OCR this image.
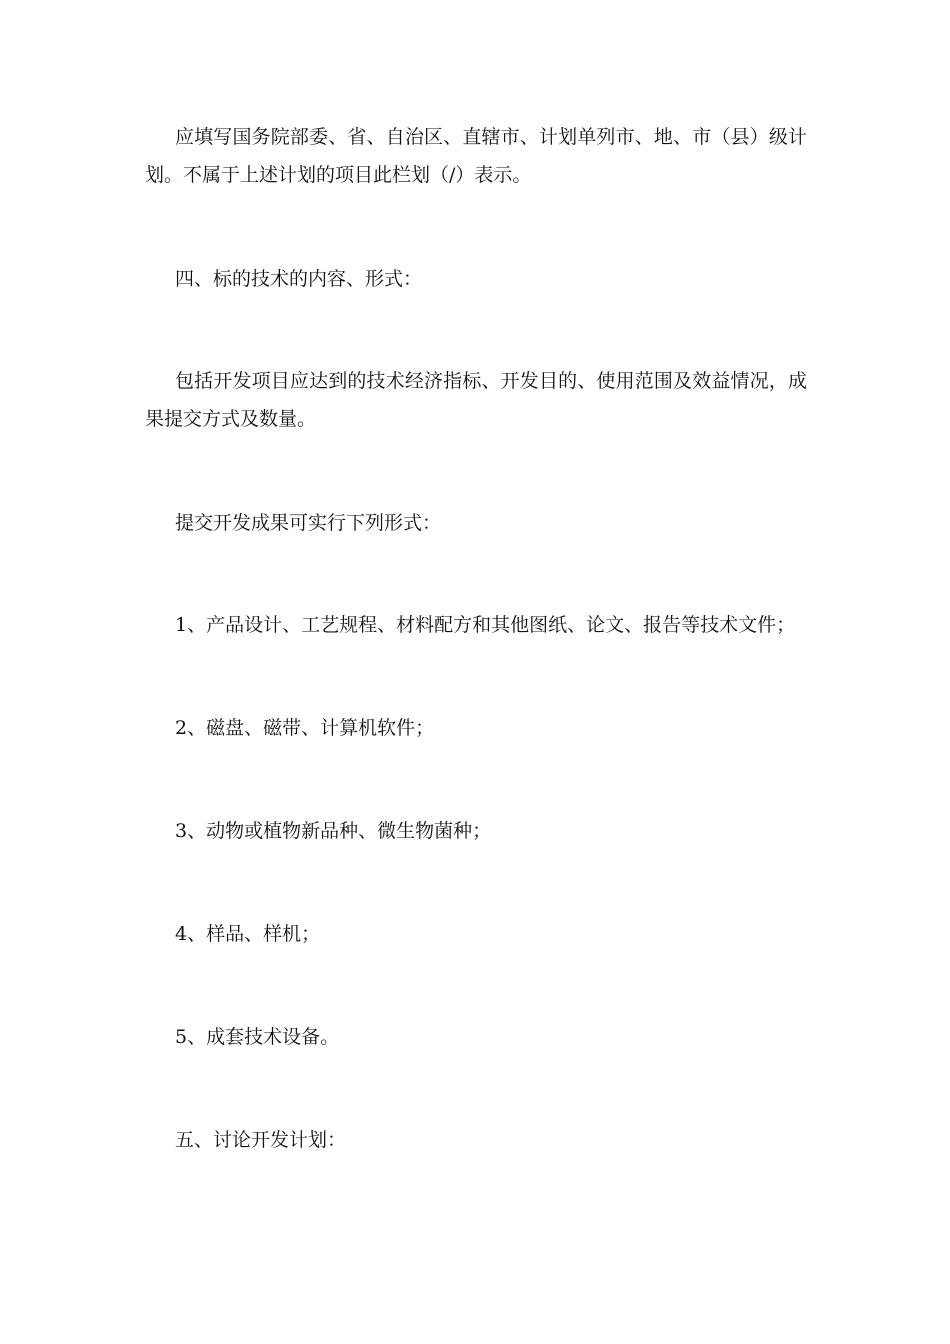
应填写国务院部委、省、自治区、直辖市、计划单列市、地、市（县）级计划。不属于上述计划的项目此栏划（/）表示。

四、标的技术的内容、形式：

包括开发项目应达到的技术经济指标、开发目的、使用范围及效益情况，成果提交方式及数量。

提交开发成果可实行下列形式：

1、产品设计、工艺规程、材料配方和其他图纸、论文、报告等技术文件；

2、磁盘、磁带、计算机软件；

3、动物或植物新品种、微生物菌种；

4、样品、样机；

5、成套技术设备。

五、讨论开发计划：
